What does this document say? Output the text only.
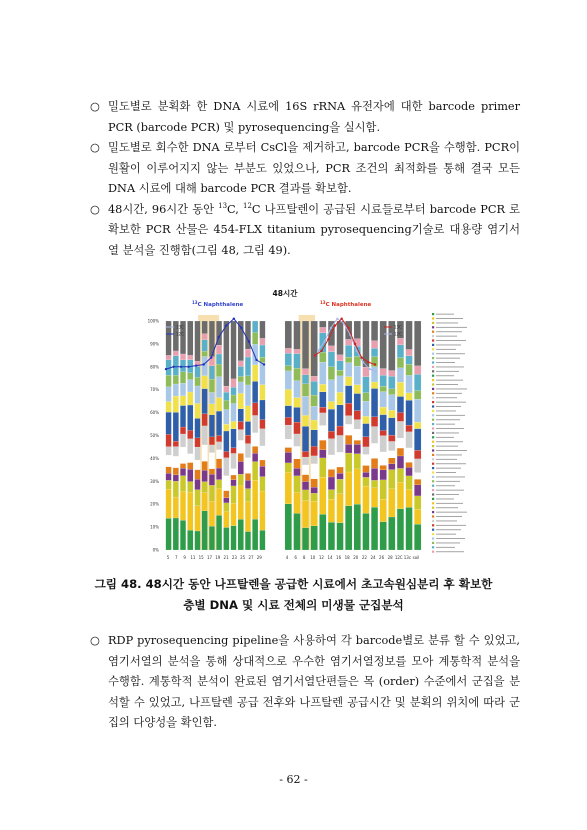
○ 밀도별로 분획화 한 DNA 시료에 16S rRNA 유전자에 대한 barcode primer PCR (barcode PCR) 및 pyrosequencing을 실시함.
○ 밀도별로 회수한 DNA 로부터 CsCl을 제거하고, barcode PCR을 수행함. PCR이 원활이 이루어지지 않는 부분도 있었으나, PCR 조건의 최적화를 통해 결국 모든 DNA 시료에 대해 barcode PCR 결과를 확보함.
○ 48시간, 96시간 동안 $^{13}$C, $^{12}$C 나프탈렌이 공급된 시료들로부터 barcode PCR 로 확보한 PCR 산물은 454-FLX titanium pyrosequencing기술로 대용량 염기서열 분석을 진행함(그림 48, 그림 49).
48시간
$^{13}$C Naphthalene	$^{13}$C Naphthalene
0%
10%
20%
30%
40%
50%
60%
70%
80%
90%
100%
5 7 9 11 15 17 19 21 23 25 27 29	4 6 8 10 12 14 16 18 20 22 24 26 28 12C 13c soil
13C
12C
13C
12C
그림 48. 48시간 동안 나프탈렌을 공급한 시료에서 초고속원심분리 후 확보한
층별 DNA 및 시료 전체의 미생물 군집분석
○ RDP pyrosequencing pipeline을 사용하여 각 barcode별로 분류 할 수 있었고, 염기서열의 분석을 통해 상대적으로 우수한 염기서열정보를 모아 계통학적 분석을 수행함. 계통학적 분석이 완료된 염기서열단편들은 목 (order) 수준에서 군집을 분석할 수 있었고, 나프탈렌 공급 전후와 나프탈렌 공급시간 및 분획의 위치에 따라 군집의 다양성을 확인함.
- 62 -
